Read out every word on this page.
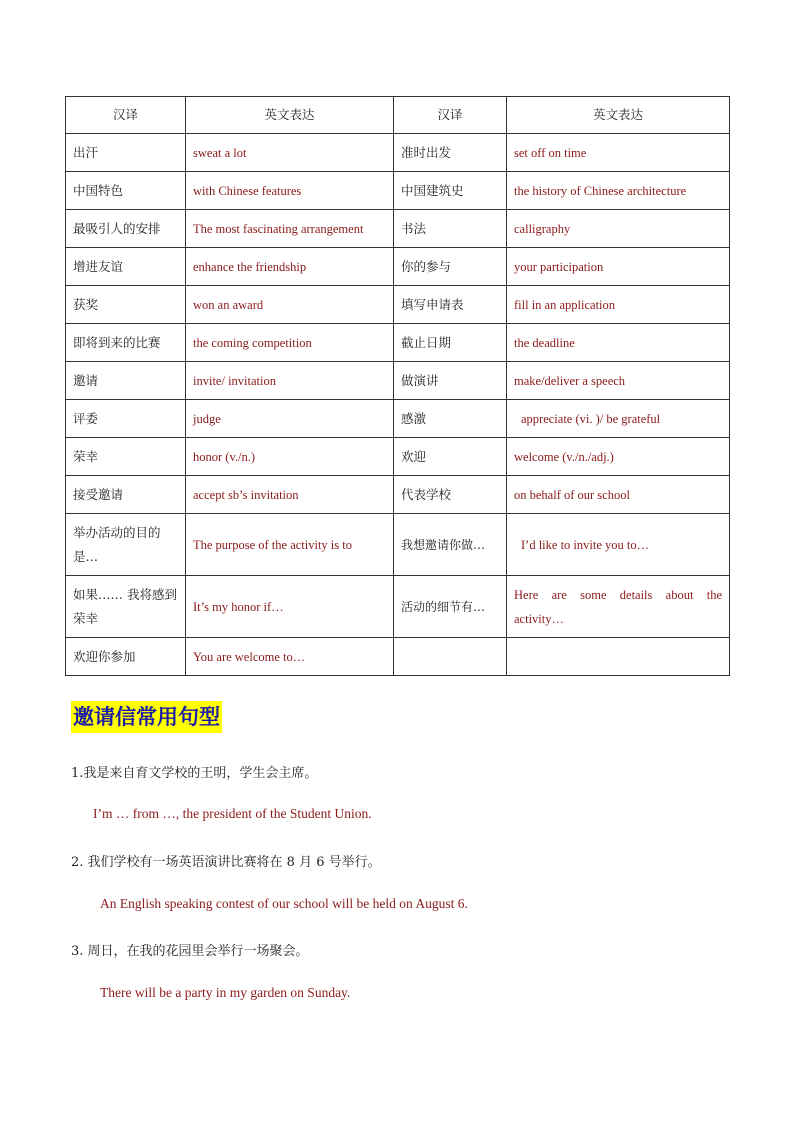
汉译	英文表达	汉译	英文表达
出汗	sweat a lot	准时出发	set off on time
中国特色	with Chinese features	中国建筑史	the history of Chinese architecture
最吸引人的安排	The most fascinating arrangement	书法	calligraphy
增进友谊	enhance the friendship	你的参与	your participation
获奖	won an award	填写申请表	fill in an application
即将到来的比赛	the coming competition	截止日期	the deadline
邀请	invite/ invitation	做演讲	make/deliver a speech
评委	judge	感激	appreciate (vi. )/ be grateful
荣幸	honor (v./n.)	欢迎	welcome (v./n./adj.)
接受邀请	accept sb’s invitation	代表学校	on behalf of our school
举办活动的目的是…	The purpose of the activity is to	我想邀请你做…	I’d like to invite you to…
如果…… 我将感到荣幸	It’s my honor if…	活动的细节有…	Here are some details about the activity…
欢迎你参加	You are welcome to…		
邀请信常用句型
1.我是来自育文学校的王明，学生会主席。
I’m … from …, the president of the Student Union.
2. 我们学校有一场英语演讲比赛将在 8 月 6 号举行。
An English speaking contest of our school will be held on August 6.
3. 周日，在我的花园里会举行一场聚会。
There will be a party in my garden on Sunday.
